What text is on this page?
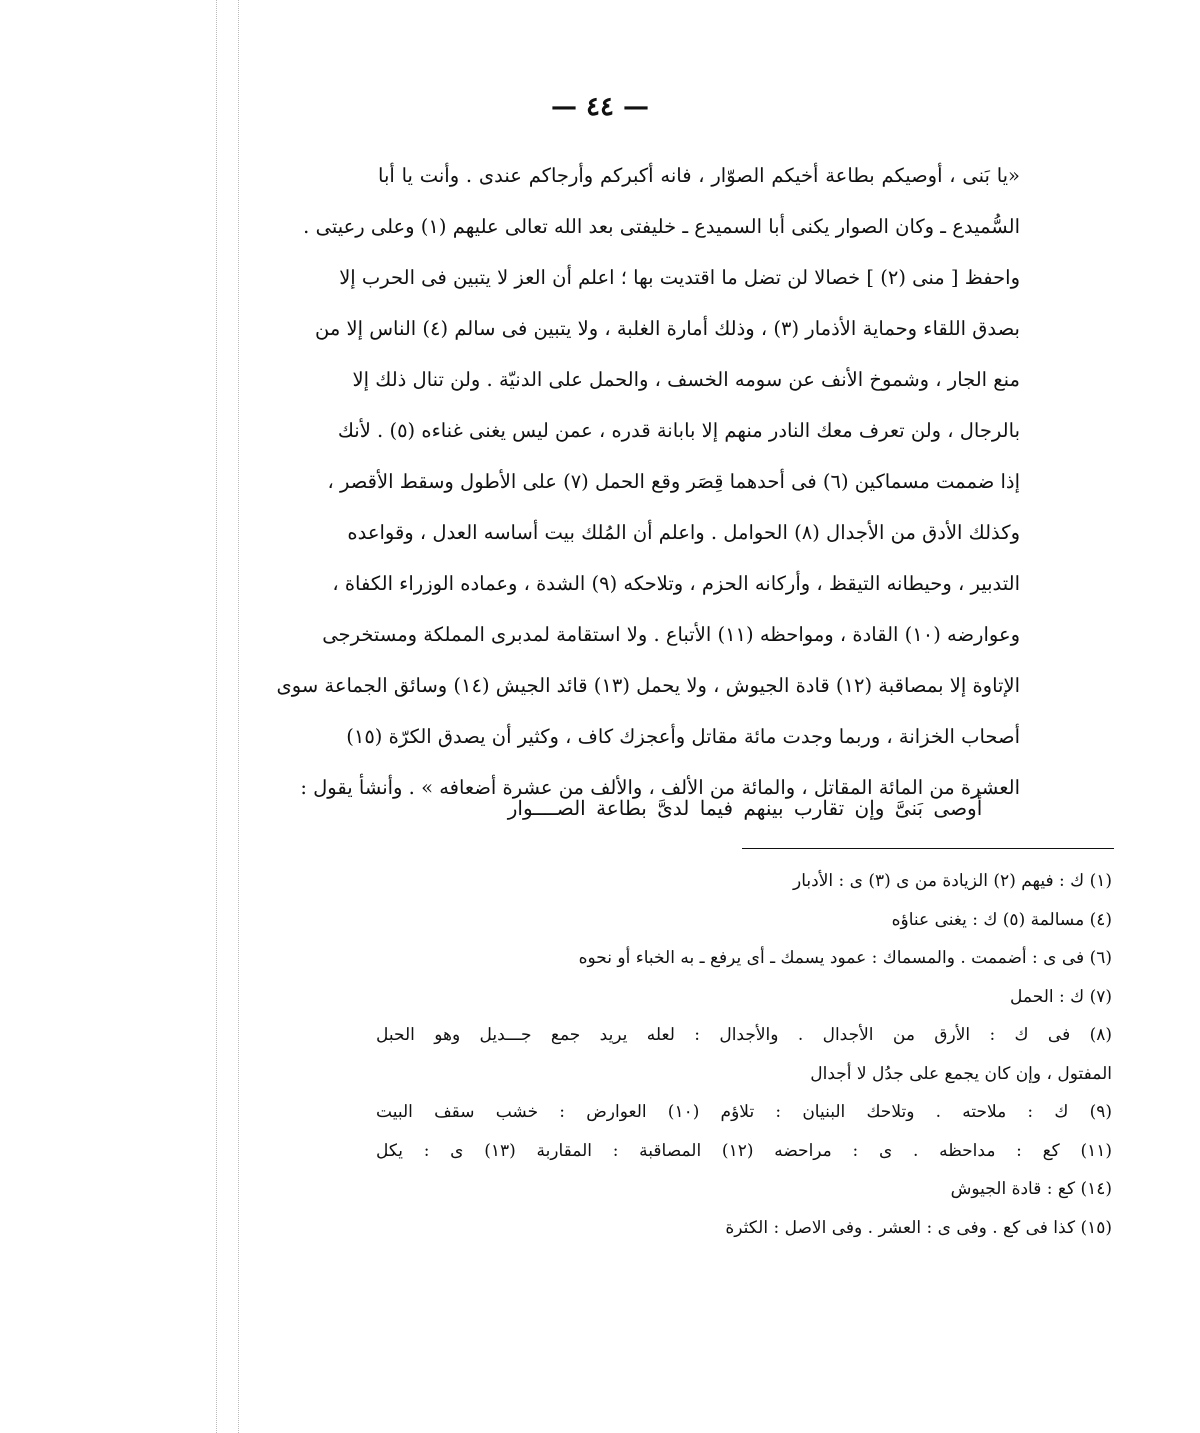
— ٤٤ —
«يا بَنى ، أوصيكم بطاعة أخيكم الصوّار ، فانه أكبركم وأرجاكم عندى . وأنت يا أبا
السُّميدع ـ وكان الصوار يكنى أبا السميدع ـ خليفتى بعد الله تعالى عليهم (١) وعلى رعيتى .
واحفظ [ منى (٢) ] خصالا لن تضل ما اقتديت بها ؛ اعلم أن العز لا يتبين فى الحرب إلا
بصدق اللقاء وحماية الأذمار (٣) ، وذلك أمارة الغلبة ، ولا يتبين فى سالم (٤) الناس إلا من
منع الجار ، وشموخ الأنف عن سومه الخسف ، والحمل على الدنيّة . ولن تنال ذلك إلا
بالرجال ، ولن تعرف معك النادر منهم إلا بابانة قدره ، عمن ليس يغنى غناءه (٥) . لأنك
إذا ضممت مسماكين (٦) فى أحدهما قِصَر وقع الحمل (٧) على الأطول وسقط الأقصر ،
وكذلك الأدق من الأجدال (٨) الحوامل . واعلم أن المُلك بيت أساسه العدل ، وقواعده
التدبير ، وحيطانه التيقظ ، وأركانه الحزم ، وتلاحكه (٩) الشدة ، وعماده الوزراء الكفاة ،
وعوارضه (١٠) القادة ، ومواحظه (١١) الأتباع . ولا استقامة لمدبرى المملكة ومستخرجى
الإتاوة إلا بمصاقبة (١٢) قادة الجيوش ، ولا يحمل (١٣) قائد الجيش (١٤) وسائق الجماعة سوى
أصحاب الخزانة ، وربما وجدت مائة مقاتل وأعجزك كاف ، وكثير أن يصدق الكرّة (١٥)
العشرة من المائة المقاتل ، والمائة من الألف ، والألف من عشرة أضعافه » . وأنشأ يقول :
أوصى بَنىَّ وإن تقارب بينهم فيما لدىَّ بطاعة الصــــوار
(١) ك : فيهم (٢) الزيادة من ى (٣) ى : الأدبار
(٤) مسالمة (٥) ك : يغنى عناؤه
(٦) فى ى : أضممت . والمسماك : عمود يسمك ـ أى يرفع ـ به الخباء أو نحوه
(٧) ك : الحمل
(٨) فى ك : الأرق من الأجدال . والأجدال : لعله يريد جمع جـــديل وهو الحبل
المفتول ، وإن كان يجمع على جدُل لا أجدال
(٩) ك : ملاحته . وتلاحك البنيان : تلاؤم (١٠) العوارض : خشب سقف البيت
(١١) كع : مداحظه . ى : مراحضه (١٢) المصاقبة : المقاربة (١٣) ى : يكل
(١٤) كع : قادة الجيوش
(١٥) كذا فى كع . وفى ى : العشر . وفى الاصل : الكثرة
